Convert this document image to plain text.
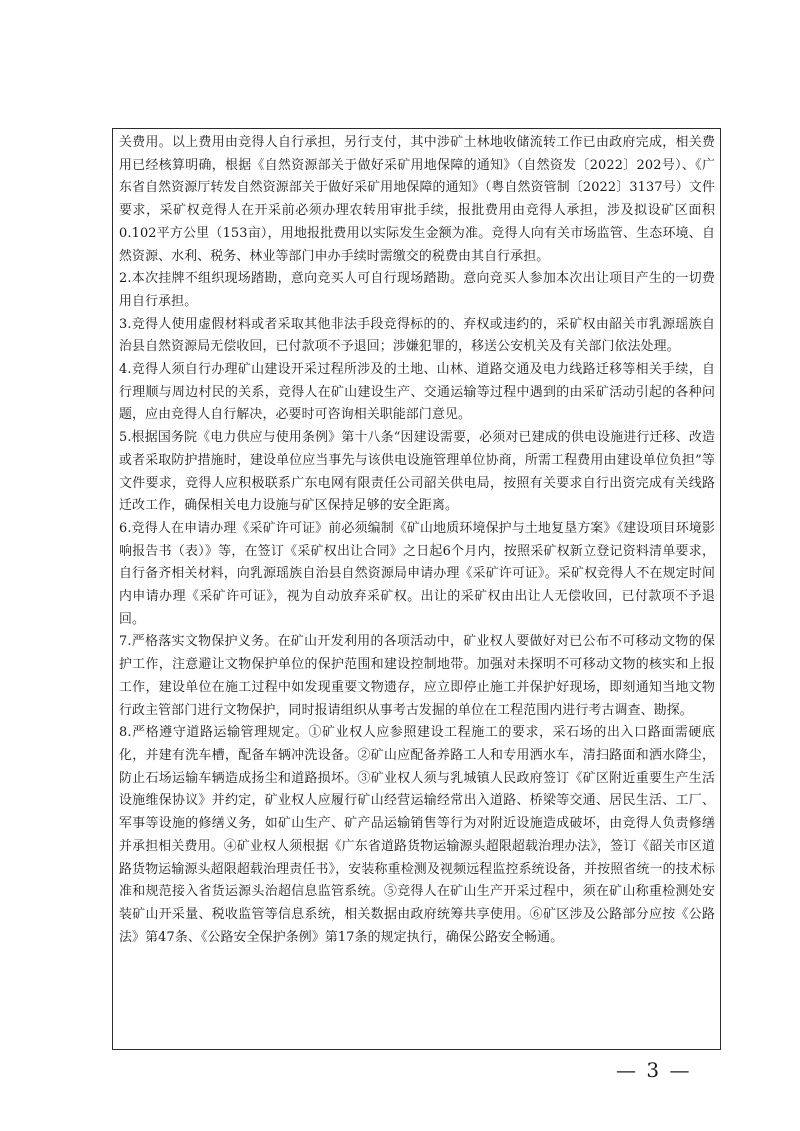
关费用。以上费用由竞得人自行承担，另行支付，其中涉矿土林地收储流转工作已由政府完成，相关费用已经核算明确，根据《自然资源部关于做好采矿用地保障的通知》（自然资发〔2022〕202号）、《广东省自然资源厅转发自然资源部关于做好采矿用地保障的通知》（粤自然资管制〔2022〕3137号）文件要求，采矿权竞得人在开采前必须办理农转用审批手续，报批费用由竞得人承担，涉及拟设矿区面积0.102平方公里（153亩），用地报批费用以实际发生金额为准。竞得人向有关市场监管、生态环境、自然资源、水利、税务、林业等部门申办手续时需缴交的税费由其自行承担。

2.本次挂牌不组织现场踏勘，意向竞买人可自行现场踏勘。意向竞买人参加本次出让项目产生的一切费用自行承担。

3.竞得人使用虚假材料或者采取其他非法手段竞得标的的、弃权或违约的，采矿权由韶关市乳源瑶族自治县自然资源局无偿收回，已付款项不予退回；涉嫌犯罪的，移送公安机关及有关部门依法处理。

4.竞得人须自行办理矿山建设开采过程所涉及的土地、山林、道路交通及电力线路迁移等相关手续，自行理顺与周边村民的关系，竞得人在矿山建设生产、交通运输等过程中遇到的由采矿活动引起的各种问题，应由竞得人自行解决，必要时可咨询相关职能部门意见。

5.根据国务院《电力供应与使用条例》第十八条“因建设需要，必须对已建成的供电设施进行迁移、改造或者采取防护措施时，建设单位应当事先与该供电设施管理单位协商，所需工程费用由建设单位负担”等文件要求，竞得人应积极联系广东电网有限责任公司韶关供电局，按照有关要求自行出资完成有关线路迁改工作，确保相关电力设施与矿区保持足够的安全距离。

6.竞得人在申请办理《采矿许可证》前必须编制《矿山地质环境保护与土地复垦方案》《建设项目环境影响报告书（表）》等，在签订《采矿权出让合同》之日起6个月内，按照采矿权新立登记资料清单要求，自行备齐相关材料，向乳源瑶族自治县自然资源局申请办理《采矿许可证》。采矿权竞得人不在规定时间内申请办理《采矿许可证》，视为自动放弃采矿权。出让的采矿权由出让人无偿收回，已付款项不予退回。

7.严格落实文物保护义务。在矿山开发利用的各项活动中，矿业权人要做好对已公布不可移动文物的保护工作，注意避让文物保护单位的保护范围和建设控制地带。加强对未探明不可移动文物的核实和上报工作，建设单位在施工过程中如发现重要文物遗存，应立即停止施工并保护好现场，即刻通知当地文物行政主管部门进行文物保护，同时报请组织从事考古发掘的单位在工程范围内进行考古调查、勘探。

8.严格遵守道路运输管理规定。①矿业权人应参照建设工程施工的要求，采石场的出入口路面需硬底化，并建有洗车槽，配备车辆冲洗设备。②矿山应配备养路工人和专用洒水车，清扫路面和洒水降尘，防止石场运输车辆造成扬尘和道路损坏。③矿业权人须与乳城镇人民政府签订《矿区附近重要生产生活设施维保协议》并约定，矿业权人应履行矿山经营运输经常出入道路、桥梁等交通、居民生活、工厂、军事等设施的修缮义务，如矿山生产、矿产品运输销售等行为对附近设施造成破坏，由竞得人负责修缮并承担相关费用。④矿业权人须根据《广东省道路货物运输源头超限超载治理办法》，签订《韶关市区道路货物运输源头超限超载治理责任书》，安装称重检测及视频远程监控系统设备，并按照省统一的技术标准和规范接入省货运源头治超信息监管系统。⑤竞得人在矿山生产开采过程中，须在矿山称重检测处安装矿山开采量、税收监管等信息系统，相关数据由政府统筹共享使用。⑥矿区涉及公路部分应按《公路法》第47条、《公路安全保护条例》第17条的规定执行，确保公路安全畅通。

— 3 —
